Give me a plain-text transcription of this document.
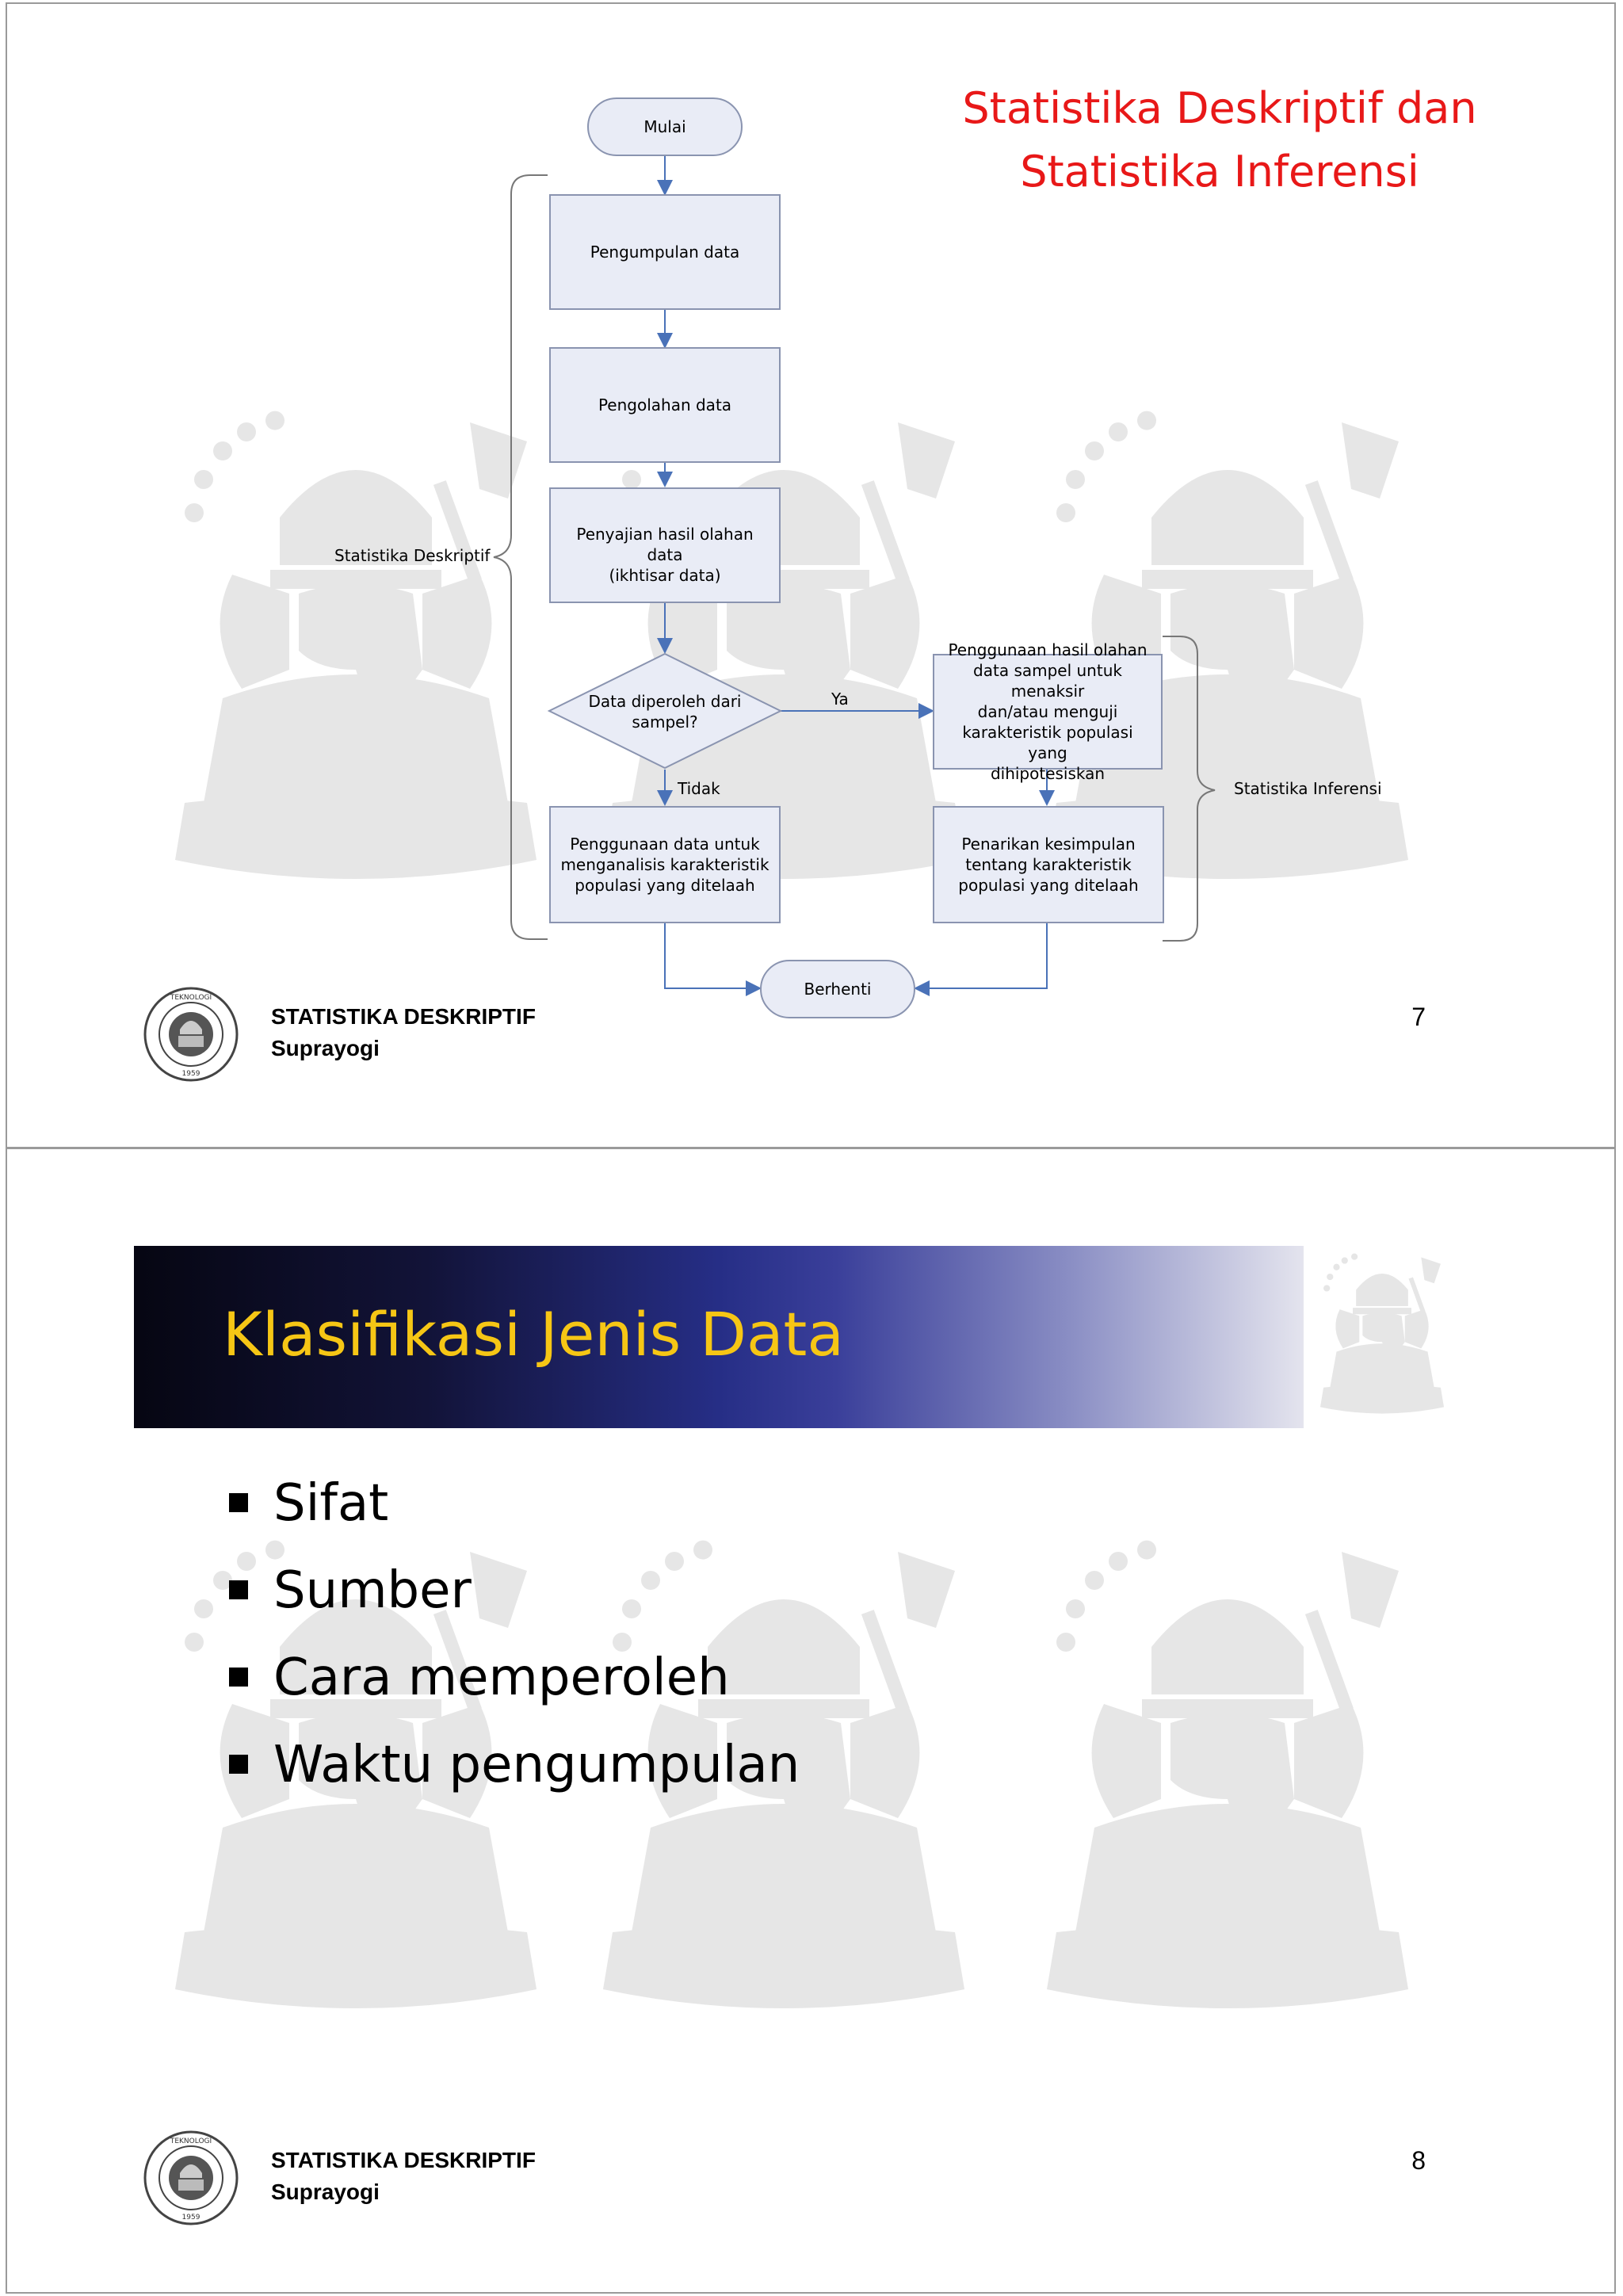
Statistika Deskriptif dan
Statistika Inferensi
Mulai
Pengumpulan data
Pengolahan data
Penyajian hasil olahan data
(ikhtisar data)
Data diperoleh dari
sampel?
Ya
Tidak
Penggunaan hasil olahan
data sampel untuk menaksir
dan/atau menguji
karakteristik populasi yang
dihipotesiskan
Penggunaan data untuk
menganalisis karakteristik
populasi yang ditelaah
Penarikan kesimpulan
tentang karakteristik
populasi yang ditelaah
Berhenti
Statistika Deskriptif
Statistika Inferensi
STATISTIKA DESKRIPTIF
Suprayogi
7
Klasifikasi Jenis Data
Sifat
Sumber
Cara memperoleh
Waktu pengumpulan
STATISTIKA DESKRIPTIF
Suprayogi
8
